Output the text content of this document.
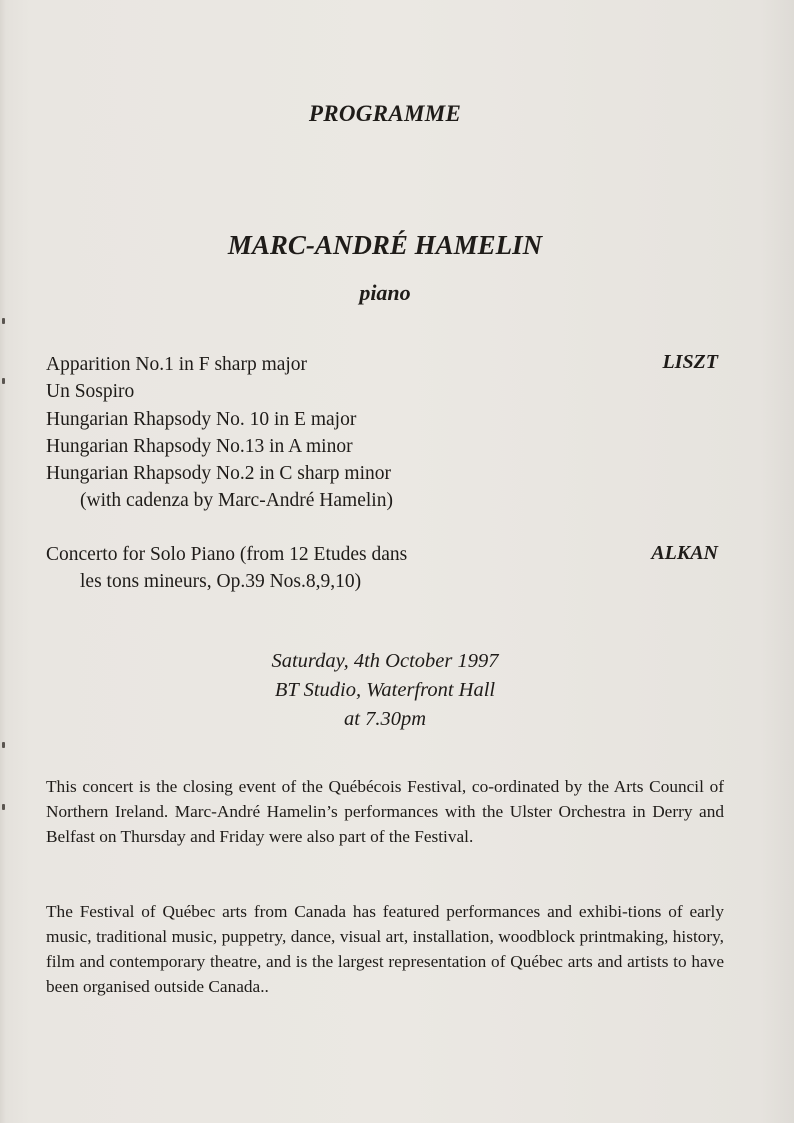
PROGRAMME
MARC-ANDRÉ HAMELIN
piano
Apparition No.1 in F sharp major
Un Sospiro
Hungarian Rhapsody No. 10 in E major
Hungarian Rhapsody No.13 in A minor
Hungarian Rhapsody No.2 in C sharp minor
(with cadenza by Marc-André Hamelin)
LISZT
Concerto for Solo Piano (from 12 Etudes dans
les tons mineurs, Op.39 Nos.8,9,10)
ALKAN
Saturday, 4th October 1997
BT Studio, Waterfront Hall
at 7.30pm
This concert is the closing event of the Québécois Festival, co-ordinated by the Arts Council of Northern Ireland. Marc-André Hamelin’s performances with the Ulster Orchestra in Derry and Belfast on Thursday and Friday were also part of the Festival.
The Festival of Québec arts from Canada has featured performances and exhibi-tions of early music, traditional music, puppetry, dance, visual art, installation, woodblock printmaking, history, film and contemporary theatre, and is the largest representation of Québec arts and artists to have been organised outside Canada..
